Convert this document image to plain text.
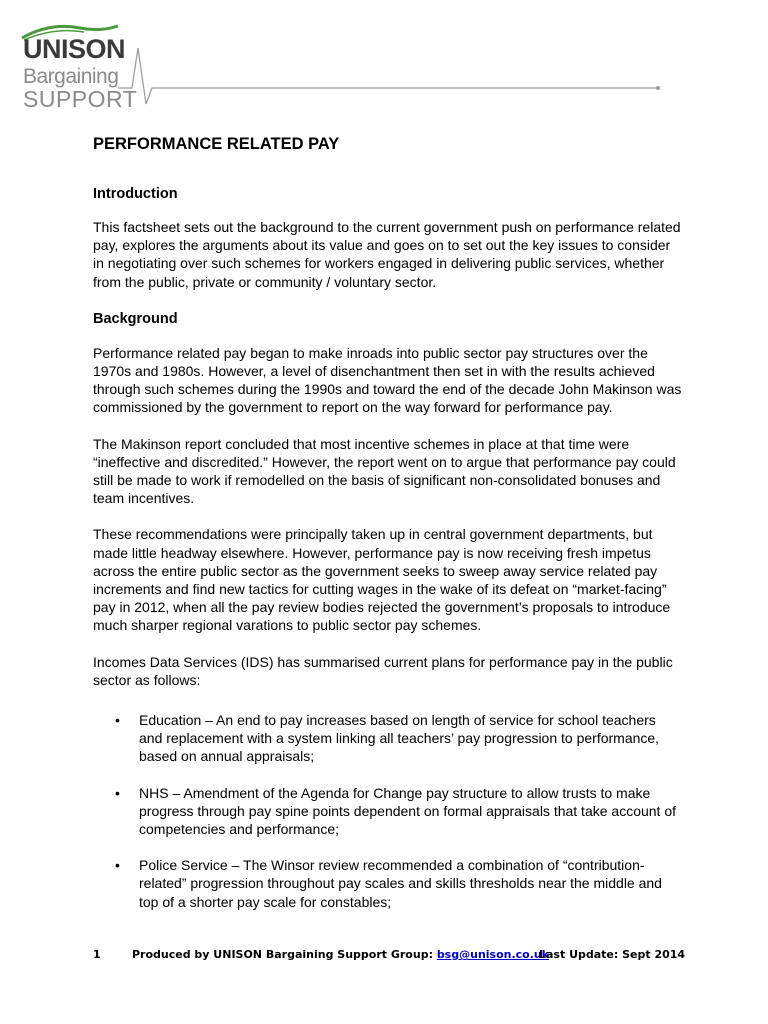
UNISON
Bargaining
SUPPORT
PERFORMANCE RELATED PAY
Introduction

This factsheet sets out the background to the current government push on performance related pay, explores the arguments about its value and goes on to set out the key issues to consider in negotiating over such schemes for workers engaged in delivering public services, whether from the public, private or community / voluntary sector.

Background

Performance related pay began to make inroads into public sector pay structures over the 1970s and 1980s. However, a level of disenchantment then set in with the results achieved through such schemes during the 1990s and toward the end of the decade John Makinson was commissioned by the government to report on the way forward for performance pay.

The Makinson report concluded that most incentive schemes in place at that time were “ineffective and discredited.” However, the report went on to argue that performance pay could still be made to work if remodelled on the basis of significant non-consolidated bonuses and team incentives.

These recommendations were principally taken up in central government departments, but made little headway elsewhere. However, performance pay is now receiving fresh impetus across the entire public sector as the government seeks to sweep away service related pay increments and find new tactics for cutting wages in the wake of its defeat on “market-facing” pay in 2012, when all the pay review bodies rejected the government’s proposals to introduce much sharper regional varations to public sector pay schemes.

Incomes Data Services (IDS) has summarised current plans for performance pay in the public sector as follows:

• Education – An end to pay increases based on length of service for school teachers and replacement with a system linking all teachers’ pay progression to performance, based on annual appraisals;
• NHS – Amendment of the Agenda for Change pay structure to allow trusts to make progress through pay spine points dependent on formal appraisals that take account of competencies and performance;
• Police Service – The Winsor review recommended a combination of “contribution-related” progression throughout pay scales and skills thresholds near the middle and top of a shorter pay scale for constables;
1	Produced by UNISON Bargaining Support Group: bsg@unison.co.uk
Last Update: Sept 2014
